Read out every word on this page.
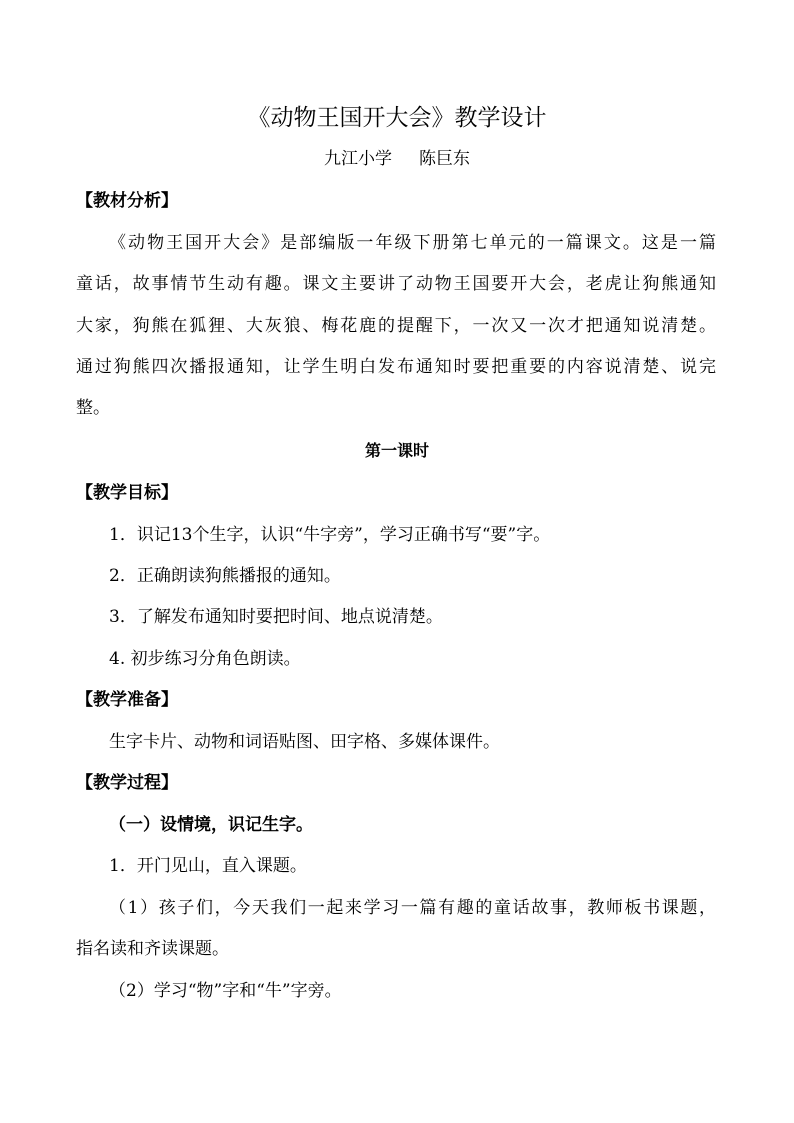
《动物王国开大会》教学设计
九江小学     陈巨东
【教材分析】
《动物王国开大会》是部编版一年级下册第七单元的一篇课文。这是一篇
童话，故事情节生动有趣。课文主要讲了动物王国要开大会，老虎让狗熊通知
大家，狗熊在狐狸、大灰狼、梅花鹿的提醒下，一次又一次才把通知说清楚。
通过狗熊四次播报通知，让学生明白发布通知时要把重要的内容说清楚、说完
整。
第一课时
【教学目标】
1．识记13个生字，认识“牛字旁”，学习正确书写“要”字。
2．正确朗读狗熊播报的通知。
3．了解发布通知时要把时间、地点说清楚。
4. 初步练习分角色朗读。
【教学准备】
生字卡片、动物和词语贴图、田字格、多媒体课件。
【教学过程】
（一）设情境，识记生字。
1．开门见山，直入课题。
（1）孩子们，今天我们一起来学习一篇有趣的童话故事，教师板书课题，
指名读和齐读课题。
（2）学习“物”字和“牛”字旁。
